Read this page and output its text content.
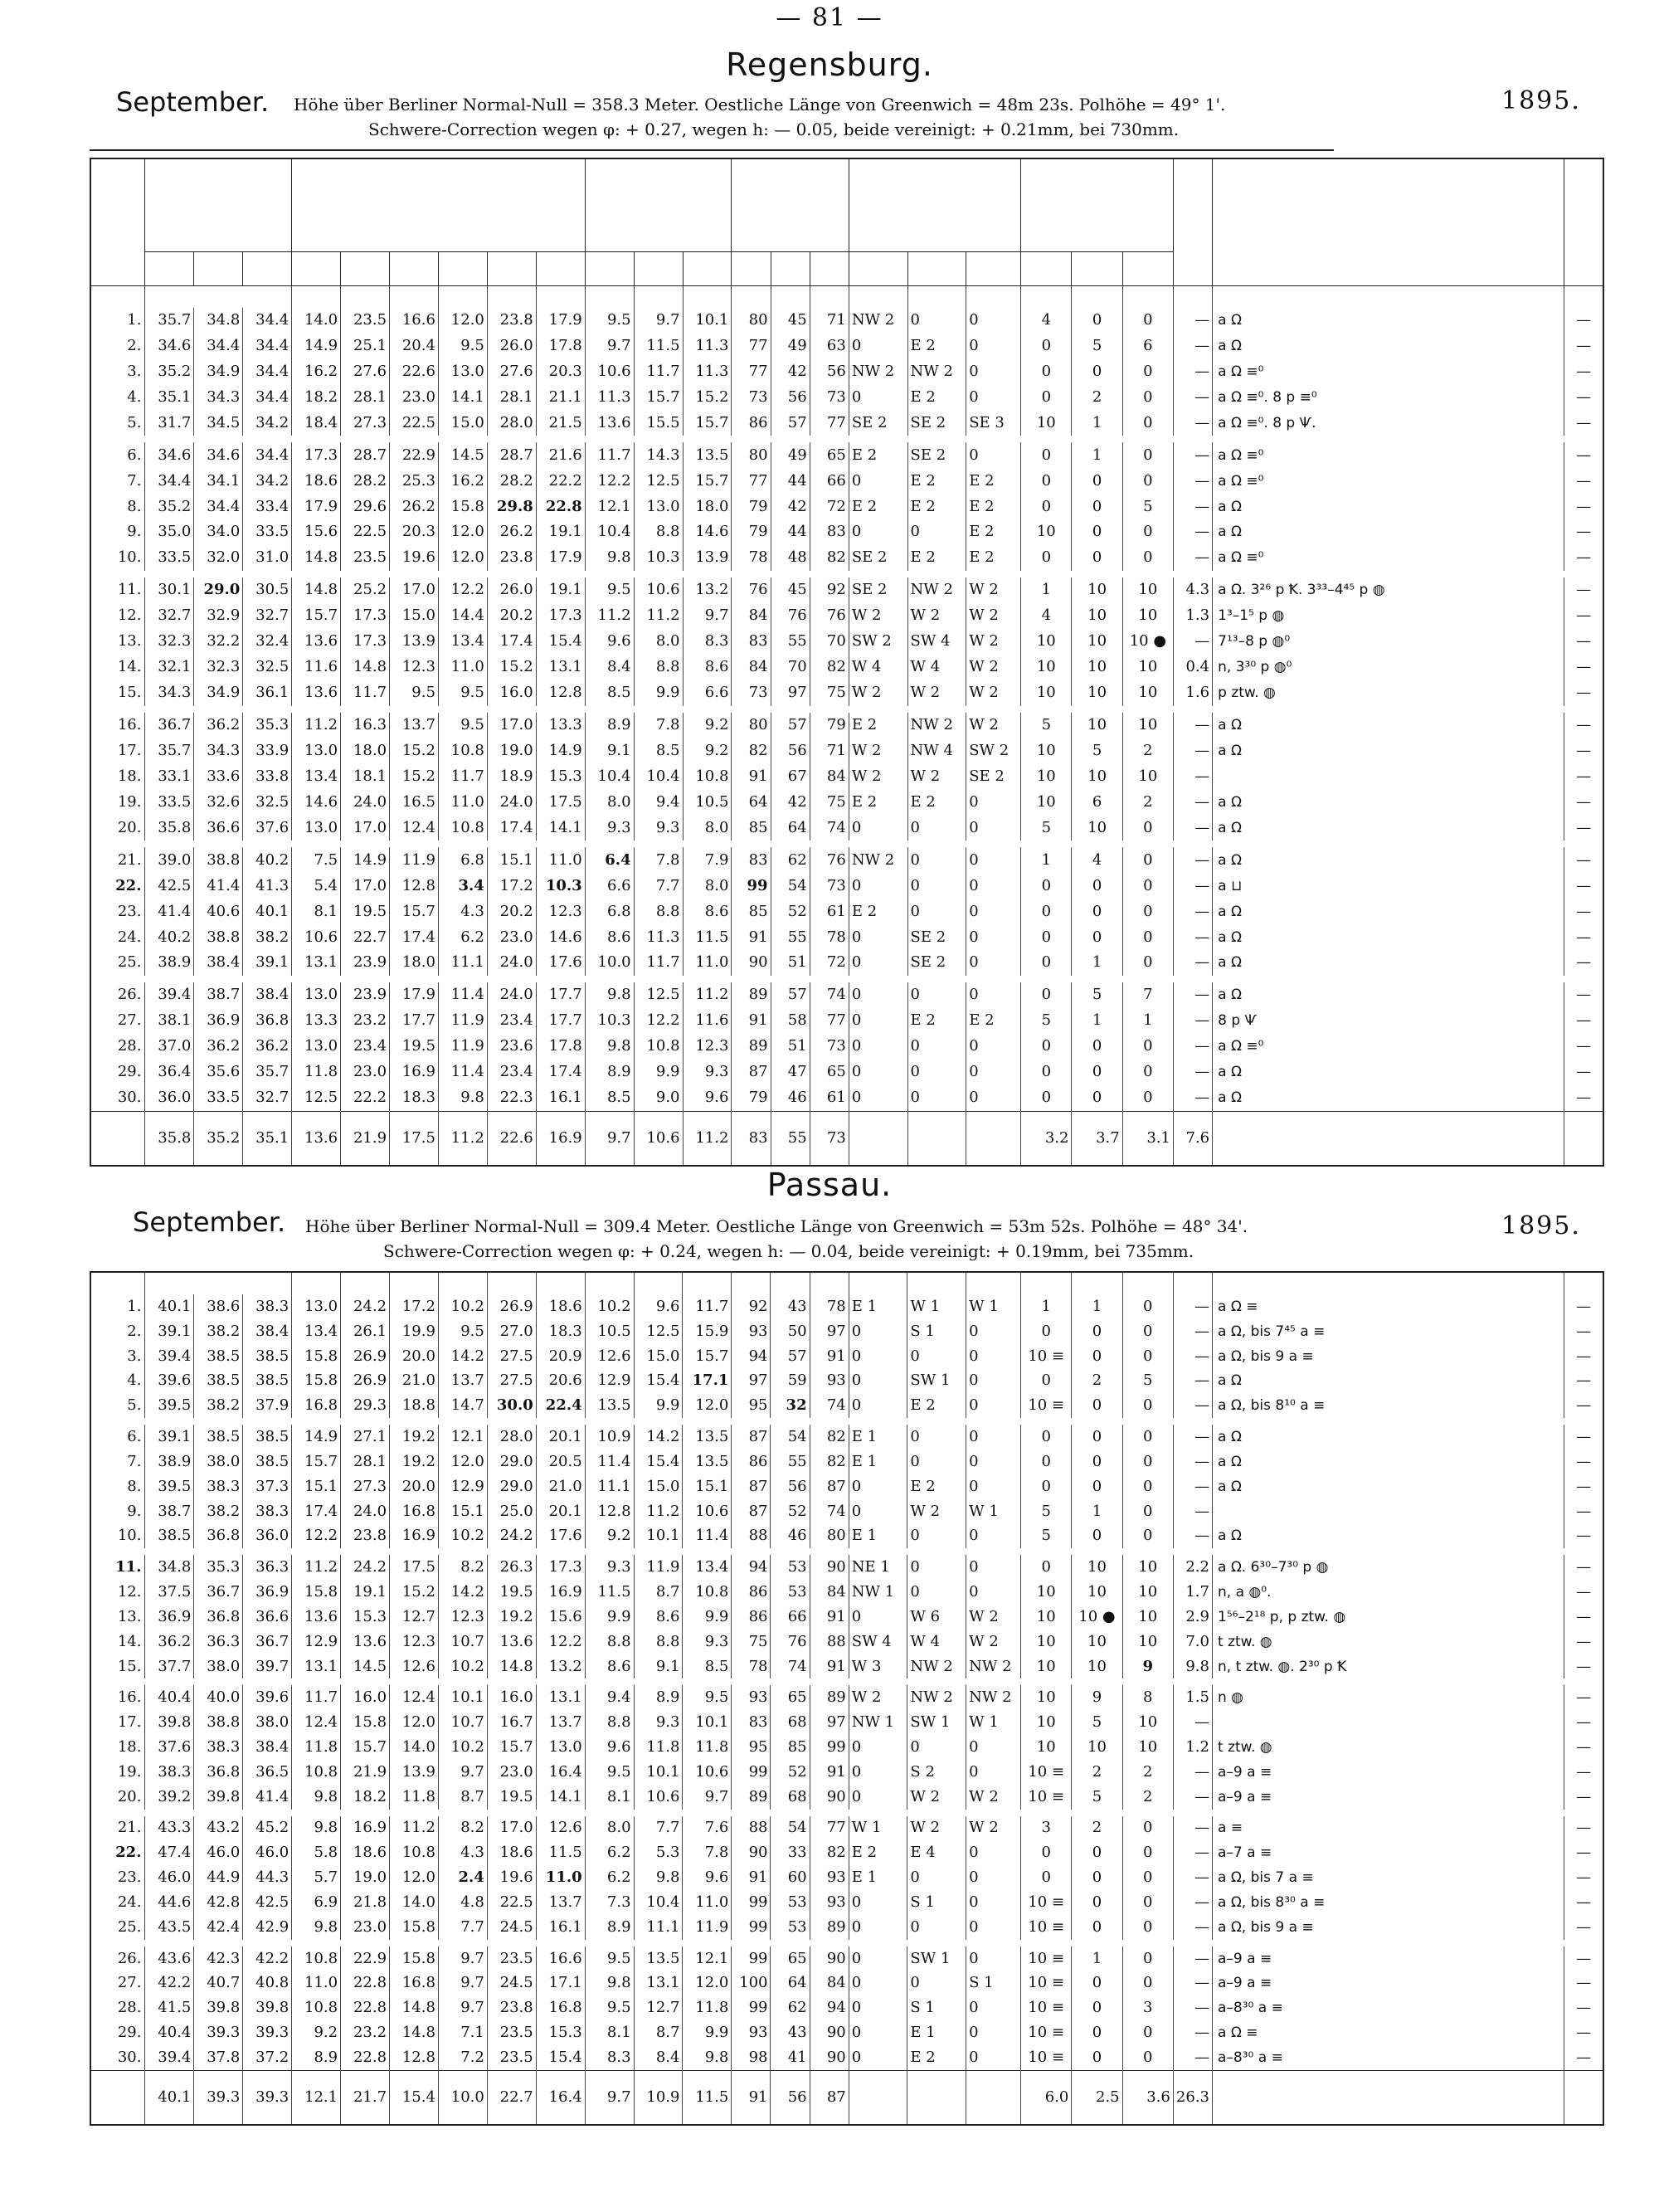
— 81 —
Regensburg.
September.	1895.
Höhe über Berliner Normal-Null = 358.3 Meter. Oestliche Länge von Greenwich = 48m 23s. Polhöhe = 49° 1'.
Schwere-Correction wegen φ: + 0.27, wegen h: — 0.05, beide vereinigt: + 0.21mm, bei 730mm.

1.	35.7	34.8	34.4	14.0	23.5	16.6	12.0	23.8	17.9	9.5	9.7	10.1	80	45	71	NW 2	0	0	4	0	0	—	a Ω	—
2.	34.6	34.4	34.4	14.9	25.1	20.4	9.5	26.0	17.8	9.7	11.5	11.3	77	49	63	0	E 2	0	0	5	6	—	a Ω	—
3.	35.2	34.9	34.4	16.2	27.6	22.6	13.0	27.6	20.3	10.6	11.7	11.3	77	42	56	NW 2	NW 2	0	0	0	0	—	a Ω ≡⁰	—
4.	35.1	34.3	34.4	18.2	28.1	23.0	14.1	28.1	21.1	11.3	15.7	15.2	73	56	73	0	E 2	0	0	2	0	—	a Ω ≡⁰. 8 p ≡⁰	—
5.	31.7	34.5	34.2	18.4	27.3	22.5	15.0	28.0	21.5	13.6	15.5	15.7	86	57	77	SE 2	SE 2	SE 3	10	1	0	—	a Ω ≡⁰. 8 p Ѱ.	—

6.	34.6	34.6	34.4	17.3	28.7	22.9	14.5	28.7	21.6	11.7	14.3	13.5	80	49	65	E 2	SE 2	0	0	1	0	—	a Ω ≡⁰	—
7.	34.4	34.1	34.2	18.6	28.2	25.3	16.2	28.2	22.2	12.2	12.5	15.7	77	44	66	0	E 2	E 2	0	0	0	—	a Ω ≡⁰	—
8.	35.2	34.4	33.4	17.9	29.6	26.2	15.8	29.8	22.8	12.1	13.0	18.0	79	42	72	E 2	E 2	E 2	0	0	5	—	a Ω	—
9.	35.0	34.0	33.5	15.6	22.5	20.3	12.0	26.2	19.1	10.4	8.8	14.6	79	44	83	0	0	E 2	10	0	0	—	a Ω	—
10.	33.5	32.0	31.0	14.8	23.5	19.6	12.0	23.8	17.9	9.8	10.3	13.9	78	48	82	SE 2	E 2	E 2	0	0	0	—	a Ω ≡⁰	—

11.	30.1	29.0	30.5	14.8	25.2	17.0	12.2	26.0	19.1	9.5	10.6	13.2	76	45	92	SE 2	NW 2	W 2	1	10	10	4.3	a Ω. 3²⁶ p Ꝁ. 3³³–4⁴⁵ p ◍	—
12.	32.7	32.9	32.7	15.7	17.3	15.0	14.4	20.2	17.3	11.2	11.2	9.7	84	76	76	W 2	W 2	W 2	4	10	10	1.3	1³–1⁵ p ◍	—
13.	32.3	32.2	32.4	13.6	17.3	13.9	13.4	17.4	15.4	9.6	8.0	8.3	83	55	70	SW 2	SW 4	W 2	10	10	10 ●	—	7¹³–8 p ◍⁰	—
14.	32.1	32.3	32.5	11.6	14.8	12.3	11.0	15.2	13.1	8.4	8.8	8.6	84	70	82	W 4	W 4	W 2	10	10	10	0.4	n, 3³⁰ p ◍⁰	—
15.	34.3	34.9	36.1	13.6	11.7	9.5	9.5	16.0	12.8	8.5	9.9	6.6	73	97	75	W 2	W 2	W 2	10	10	10	1.6	p ztw. ◍	—

16.	36.7	36.2	35.3	11.2	16.3	13.7	9.5	17.0	13.3	8.9	7.8	9.2	80	57	79	E 2	NW 2	W 2	5	10	10	—	a Ω	—
17.	35.7	34.3	33.9	13.0	18.0	15.2	10.8	19.0	14.9	9.1	8.5	9.2	82	56	71	W 2	NW 4	SW 2	10	5	2	—	a Ω	—
18.	33.1	33.6	33.8	13.4	18.1	15.2	11.7	18.9	15.3	10.4	10.4	10.8	91	67	84	W 2	W 2	SE 2	10	10	10	—		—
19.	33.5	32.6	32.5	14.6	24.0	16.5	11.0	24.0	17.5	8.0	9.4	10.5	64	42	75	E 2	E 2	0	10	6	2	—	a Ω	—
20.	35.8	36.6	37.6	13.0	17.0	12.4	10.8	17.4	14.1	9.3	9.3	8.0	85	64	74	0	0	0	5	10	0	—	a Ω	—

21.	39.0	38.8	40.2	7.5	14.9	11.9	6.8	15.1	11.0	6.4	7.8	7.9	83	62	76	NW 2	0	0	1	4	0	—	a Ω	—
22.	42.5	41.4	41.3	5.4	17.0	12.8	3.4	17.2	10.3	6.6	7.7	8.0	99	54	73	0	0	0	0	0	0	—	a ⊔	—
23.	41.4	40.6	40.1	8.1	19.5	15.7	4.3	20.2	12.3	6.8	8.8	8.6	85	52	61	E 2	0	0	0	0	0	—	a Ω	—
24.	40.2	38.8	38.2	10.6	22.7	17.4	6.2	23.0	14.6	8.6	11.3	11.5	91	55	78	0	SE 2	0	0	0	0	—	a Ω	—
25.	38.9	38.4	39.1	13.1	23.9	18.0	11.1	24.0	17.6	10.0	11.7	11.0	90	51	72	0	SE 2	0	0	1	0	—	a Ω	—

26.	39.4	38.7	38.4	13.0	23.9	17.9	11.4	24.0	17.7	9.8	12.5	11.2	89	57	74	0	0	0	0	5	7	—	a Ω	—
27.	38.1	36.9	36.8	13.3	23.2	17.7	11.9	23.4	17.7	10.3	12.2	11.6	91	58	77	0	E 2	E 2	5	1	1	—	8 p Ѱ	—
28.	37.0	36.2	36.2	13.0	23.4	19.5	11.9	23.6	17.8	9.8	10.8	12.3	89	51	73	0	0	0	0	0	0	—	a Ω ≡⁰	—
29.	36.4	35.6	35.7	11.8	23.0	16.9	11.4	23.4	17.4	8.9	9.9	9.3	87	47	65	0	0	0	0	0	0	—	a Ω	—
30.	36.0	33.5	32.7	12.5	22.2	18.3	9.8	22.3	16.1	8.5	9.0	9.6	79	46	61	0	0	0	0	0	0	—	a Ω	—
	35.8	35.2	35.1	13.6	21.9	17.5	11.2	22.6	16.9	9.7	10.6	11.2	83	55	73				3.2	3.7	3.1	7.6		
Passau.
September.	1895.
Höhe über Berliner Normal-Null = 309.4 Meter. Oestliche Länge von Greenwich = 53m 52s. Polhöhe = 48° 34'.
Schwere-Correction wegen φ: + 0.24, wegen h: — 0.04, beide vereinigt: + 0.19mm, bei 735mm.

1.	40.1	38.6	38.3	13.0	24.2	17.2	10.2	26.9	18.6	10.2	9.6	11.7	92	43	78	E 1	W 1	W 1	1	1	0	—	a Ω ≡	—
2.	39.1	38.2	38.4	13.4	26.1	19.9	9.5	27.0	18.3	10.5	12.5	15.9	93	50	97	0	S 1	0	0	0	0	—	a Ω, bis 7⁴⁵ a ≡	—
3.	39.4	38.5	38.5	15.8	26.9	20.0	14.2	27.5	20.9	12.6	15.0	15.7	94	57	91	0	0	0	10 ≡	0	0	—	a Ω, bis 9 a ≡	—
4.	39.6	38.5	38.5	15.8	26.9	21.0	13.7	27.5	20.6	12.9	15.4	17.1	97	59	93	0	SW 1	0	0	2	5	—	a Ω	—
5.	39.5	38.2	37.9	16.8	29.3	18.8	14.7	30.0	22.4	13.5	9.9	12.0	95	32	74	0	E 2	0	10 ≡	0	0	—	a Ω, bis 8¹⁰ a ≡	—

6.	39.1	38.5	38.5	14.9	27.1	19.2	12.1	28.0	20.1	10.9	14.2	13.5	87	54	82	E 1	0	0	0	0	0	—	a Ω	—
7.	38.9	38.0	38.5	15.7	28.1	19.2	12.0	29.0	20.5	11.4	15.4	13.5	86	55	82	E 1	0	0	0	0	0	—	a Ω	—
8.	39.5	38.3	37.3	15.1	27.3	20.0	12.9	29.0	21.0	11.1	15.0	15.1	87	56	87	0	E 2	0	0	0	0	—	a Ω	—
9.	38.7	38.2	38.3	17.4	24.0	16.8	15.1	25.0	20.1	12.8	11.2	10.6	87	52	74	0	W 2	W 1	5	1	0	—		—
10.	38.5	36.8	36.0	12.2	23.8	16.9	10.2	24.2	17.6	9.2	10.1	11.4	88	46	80	E 1	0	0	5	0	0	—	a Ω	—

11.	34.8	35.3	36.3	11.2	24.2	17.5	8.2	26.3	17.3	9.3	11.9	13.4	94	53	90	NE 1	0	0	0	10	10	2.2	a Ω. 6³⁰–7³⁰ p ◍	—
12.	37.5	36.7	36.9	15.8	19.1	15.2	14.2	19.5	16.9	11.5	8.7	10.8	86	53	84	NW 1	0	0	10	10	10	1.7	n, a ◍⁰.	—
13.	36.9	36.8	36.6	13.6	15.3	12.7	12.3	19.2	15.6	9.9	8.6	9.9	86	66	91	0	W 6	W 2	10	10 ●	10	2.9	1⁵⁶–2¹⁸ p, p ztw. ◍	—
14.	36.2	36.3	36.7	12.9	13.6	12.3	10.7	13.6	12.2	8.8	8.8	9.3	75	76	88	SW 4	W 4	W 2	10	10	10	7.0	t ztw. ◍	—
15.	37.7	38.0	39.7	13.1	14.5	12.6	10.2	14.8	13.2	8.6	9.1	8.5	78	74	91	W 3	NW 2	NW 2	10	10	9	9.8	n, t ztw. ◍. 2³⁰ p Ꝁ	—

16.	40.4	40.0	39.6	11.7	16.0	12.4	10.1	16.0	13.1	9.4	8.9	9.5	93	65	89	W 2	NW 2	NW 2	10	9	8	1.5	n ◍	—
17.	39.8	38.8	38.0	12.4	15.8	12.0	10.7	16.7	13.7	8.8	9.3	10.1	83	68	97	NW 1	SW 1	W 1	10	5	10	—		—
18.	37.6	38.3	38.4	11.8	15.7	14.0	10.2	15.7	13.0	9.6	11.8	11.8	95	85	99	0	0	0	10	10	10	1.2	t ztw. ◍	—
19.	38.3	36.8	36.5	10.8	21.9	13.9	9.7	23.0	16.4	9.5	10.1	10.6	99	52	91	0	S 2	0	10 ≡	2	2	—	a–9 a ≡	—
20.	39.2	39.8	41.4	9.8	18.2	11.8	8.7	19.5	14.1	8.1	10.6	9.7	89	68	90	0	W 2	W 2	10 ≡	5	2	—	a–9 a ≡	—

21.	43.3	43.2	45.2	9.8	16.9	11.2	8.2	17.0	12.6	8.0	7.7	7.6	88	54	77	W 1	W 2	W 2	3	2	0	—	a ≡	—
22.	47.4	46.0	46.0	5.8	18.6	10.8	4.3	18.6	11.5	6.2	5.3	7.8	90	33	82	E 2	E 4	0	0	0	0	—	a–7 a ≡	—
23.	46.0	44.9	44.3	5.7	19.0	12.0	2.4	19.6	11.0	6.2	9.8	9.6	91	60	93	E 1	0	0	0	0	0	—	a Ω, bis 7 a ≡	—
24.	44.6	42.8	42.5	6.9	21.8	14.0	4.8	22.5	13.7	7.3	10.4	11.0	99	53	93	0	S 1	0	10 ≡	0	0	—	a Ω, bis 8³⁰ a ≡	—
25.	43.5	42.4	42.9	9.8	23.0	15.8	7.7	24.5	16.1	8.9	11.1	11.9	99	53	89	0	0	0	10 ≡	0	0	—	a Ω, bis 9 a ≡	—

26.	43.6	42.3	42.2	10.8	22.9	15.8	9.7	23.5	16.6	9.5	13.5	12.1	99	65	90	0	SW 1	0	10 ≡	1	0	—	a–9 a ≡	—
27.	42.2	40.7	40.8	11.0	22.8	16.8	9.7	24.5	17.1	9.8	13.1	12.0	100	64	84	0	0	S 1	10 ≡	0	0	—	a–9 a ≡	—
28.	41.5	39.8	39.8	10.8	22.8	14.8	9.7	23.8	16.8	9.5	12.7	11.8	99	62	94	0	S 1	0	10 ≡	0	3	—	a–8³⁰ a ≡	—
29.	40.4	39.3	39.3	9.2	23.2	14.8	7.1	23.5	15.3	8.1	8.7	9.9	93	43	90	0	E 1	0	10 ≡	0	0	—	a Ω ≡	—
30.	39.4	37.8	37.2	8.9	22.8	12.8	7.2	23.5	15.4	8.3	8.4	9.8	98	41	90	0	E 2	0	10 ≡	0	0	—	a–8³⁰ a ≡	—
	40.1	39.3	39.3	12.1	21.7	15.4	10.0	22.7	16.4	9.7	10.9	11.5	91	56	87				6.0	2.5	3.6	26.3		
